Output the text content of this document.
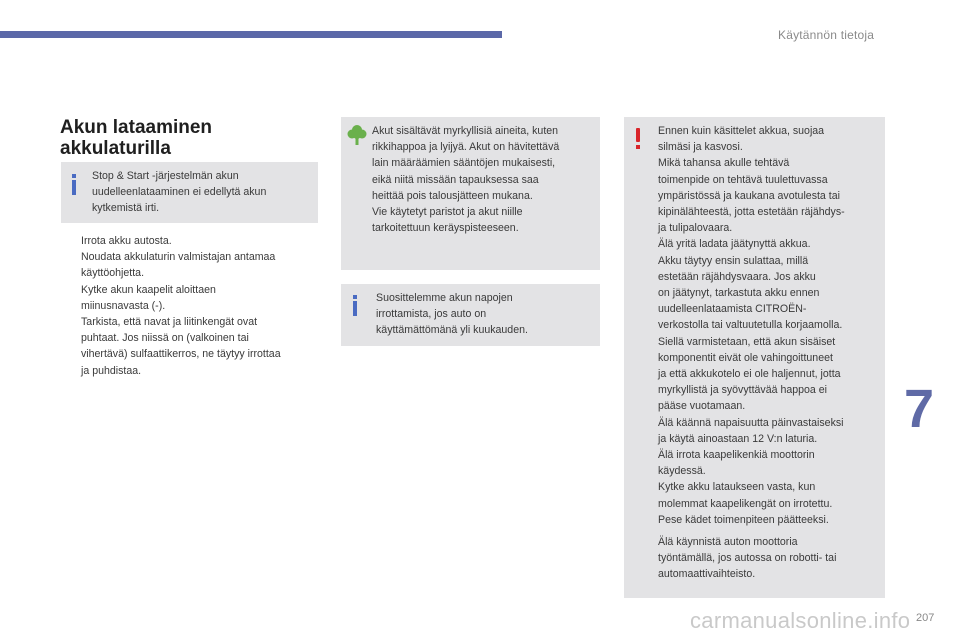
Käytännön tietoja
Akun lataaminen
akkulaturilla

Stop & Start -järjestelmän akun

uudelleenlataaminen ei edellytä akun

kytkemistä irti.

Irrota akku autosta.
Noudata akkulaturin valmistajan antamaa
käyttöohjetta.
Kytke akun kaapelit aloittaen
miinusnavasta (-).
Tarkista, että navat ja liitinkengät ovat
puhtaat. Jos niissä on (valkoinen tai
vihertävä) sulfaattikerros, ne täytyy irrottaa
ja puhdistaa.

Akut sisältävät myrkyllisiä aineita, kuten

rikkihappoa ja lyijyä. Akut on hävitettävä

lain määräämien sääntöjen mukaisesti,

eikä niitä missään tapauksessa saa

heittää pois talousjätteen mukana.

Vie käytetyt paristot ja akut niille

tarkoitettuun keräyspisteeseen.

Suosittelemme akun napojen

irrottamista, jos auto on

käyttämättömänä yli kuukauden.

Ennen kuin käsittelet akkua, suojaa

silmäsi ja kasvosi.

Mikä tahansa akulle tehtävä

toimenpide on tehtävä tuulettuvassa

ympäristössä ja kaukana avotulesta tai

kipinälähteestä, jotta estetään räjähdys-

ja tulipalovaara.

Älä yritä ladata jäätynyttä akkua.

Akku täytyy ensin sulattaa, millä

estetään räjähdysvaara. Jos akku

on jäätynyt, tarkastuta akku ennen

uudelleenlataamista CITROËN-

verkostolla tai valtuutetulla korjaamolla.

Siellä varmistetaan, että akun sisäiset

komponentit eivät ole vahingoittuneet

ja että akkukotelo ei ole haljennut, jotta

myrkyllistä ja syövyttävää happoa ei

pääse vuotamaan.

Älä käännä napaisuutta päinvastaiseksi

ja käytä ainoastaan 12 V:n laturia.

Älä irrota kaapelikenkiä moottorin

käydessä.

Kytke akku lataukseen vasta, kun

molemmat kaapelikengät on irrotettu.

Pese kädet toimenpiteen päätteeksi.

Älä käynnistä auton moottoria

työntämällä, jos autossa on robotti- tai

automaattivaihteisto.

7
carmanualsonline.info 207
